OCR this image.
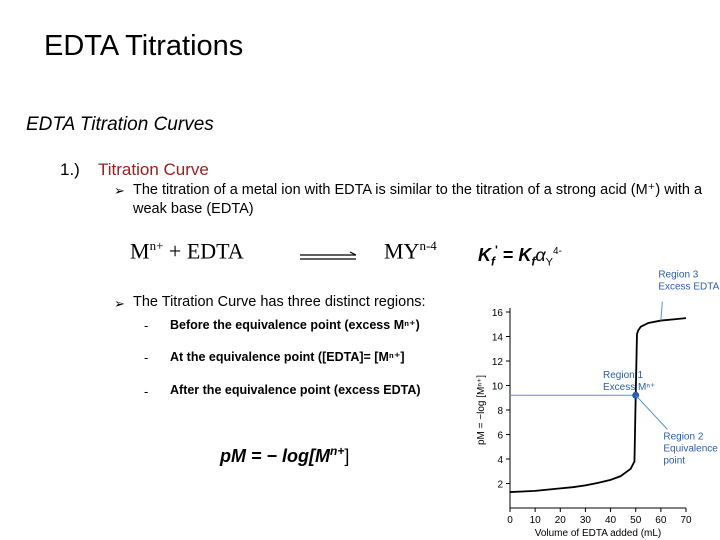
EDTA Titrations
EDTA Titration Curves
1.) Titration Curve
➢ The titration of a metal ion with EDTA is similar to the titration of a strong acid (M⁺) with a weak base (EDTA)
$M^{n+}$ + EDTA	MY$^{n-4}$ $K_f' = K_f\alpha_Y^{4-}$
➢ The Titration Curve has three distinct regions:
- Before the equivalence point (excess Mⁿ⁺)
- At the equivalence point ([EDTA]= [Mⁿ⁺]
- After the equivalence point (excess EDTA)
pM = − $\log[M^{n+}]$
0 10 20 30 40 50 60 70
2
4
6
8
10
12
14
16
Volume of EDTA added (mL)
pM = −log [Mⁿ⁺]
Region 3
Excess EDTA
Region 1
Excess Mⁿ⁺
Region 2
Equivalence
point
